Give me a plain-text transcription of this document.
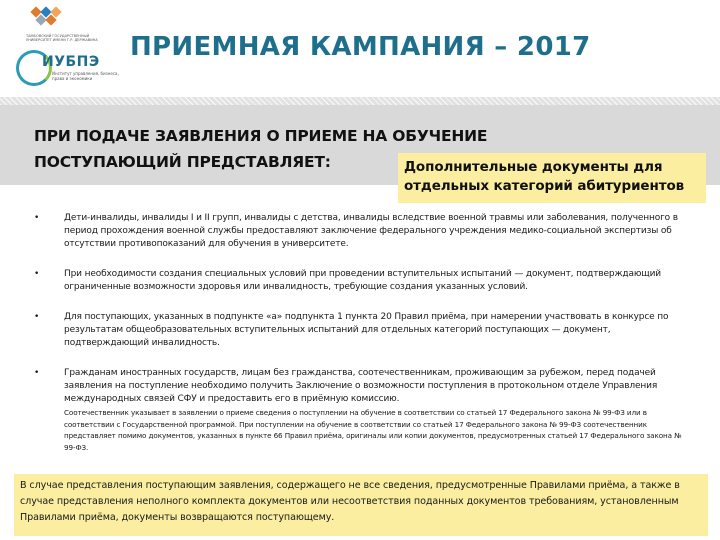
ТАМБОВСКИЙ ГОСУДАРСТВЕННЫЙ УНИВЕРСИТЕТ ИМЕНИ Г.Р. ДЕРЖАВИНА
ИУБПЭ
Институт управления, бизнеса, права и экономики
ПРИЕМНАЯ КАМПАНИЯ – 2017
ПРИ ПОДАЧЕ ЗАЯВЛЕНИЯ О ПРИЕМЕ НА ОБУЧЕНИЕ
ПОСТУПАЮЩИЙ ПРЕДСТАВЛЯЕТ:	Дополнительные документы для отдельных категорий абитуриентов
•	Дети-инвалиды, инвалиды I и II групп, инвалиды с детства, инвалиды вследствие военной травмы или заболевания, полученного в период прохождения военной службы предоставляют заключение федерального учреждения медико-социальной экспертизы об отсутствии противопоказаний для обучения в университете.
•	При необходимости создания специальных условий при проведении вступительных испытаний — документ, подтверждающий ограниченные возможности здоровья или инвалидность, требующие создания указанных условий.
•	Для поступающих, указанных в подпункте «а» подпункта 1 пункта 20 Правил приёма, при намерении участвовать в конкурсе по результатам общеобразовательных вступительных испытаний для отдельных категорий поступающих — документ, подтверждающий инвалидность.
•	Гражданам иностранных государств, лицам без гражданства, соотечественникам, проживающим за рубежом, перед подачей заявления на поступление необходимо получить Заключение о возможности поступления в протокольном отделе Управления международных связей СФУ и предоставить его в приёмную комиссию.
Соотечественник указывает в заявлении о приеме сведения о поступлении на обучение в соответствии со статьей 17 Федерального закона № 99-ФЗ или в соответствии с Государственной программой. При поступлении на обучение в соответствии со статьей 17 Федерального закона № 99-ФЗ соотечественник представляет помимо документов, указанных в пункте 66 Правил приёма, оригиналы или копии документов, предусмотренных статьей 17 Федерального закона № 99-ФЗ.
В случае представления поступающим заявления, содержащего не все сведения, предусмотренные Правилами приёма, а также в случае представления неполного комплекта документов или несоответствия поданных документов требованиям, установленным Правилами приёма, документы возвращаются поступающему.
